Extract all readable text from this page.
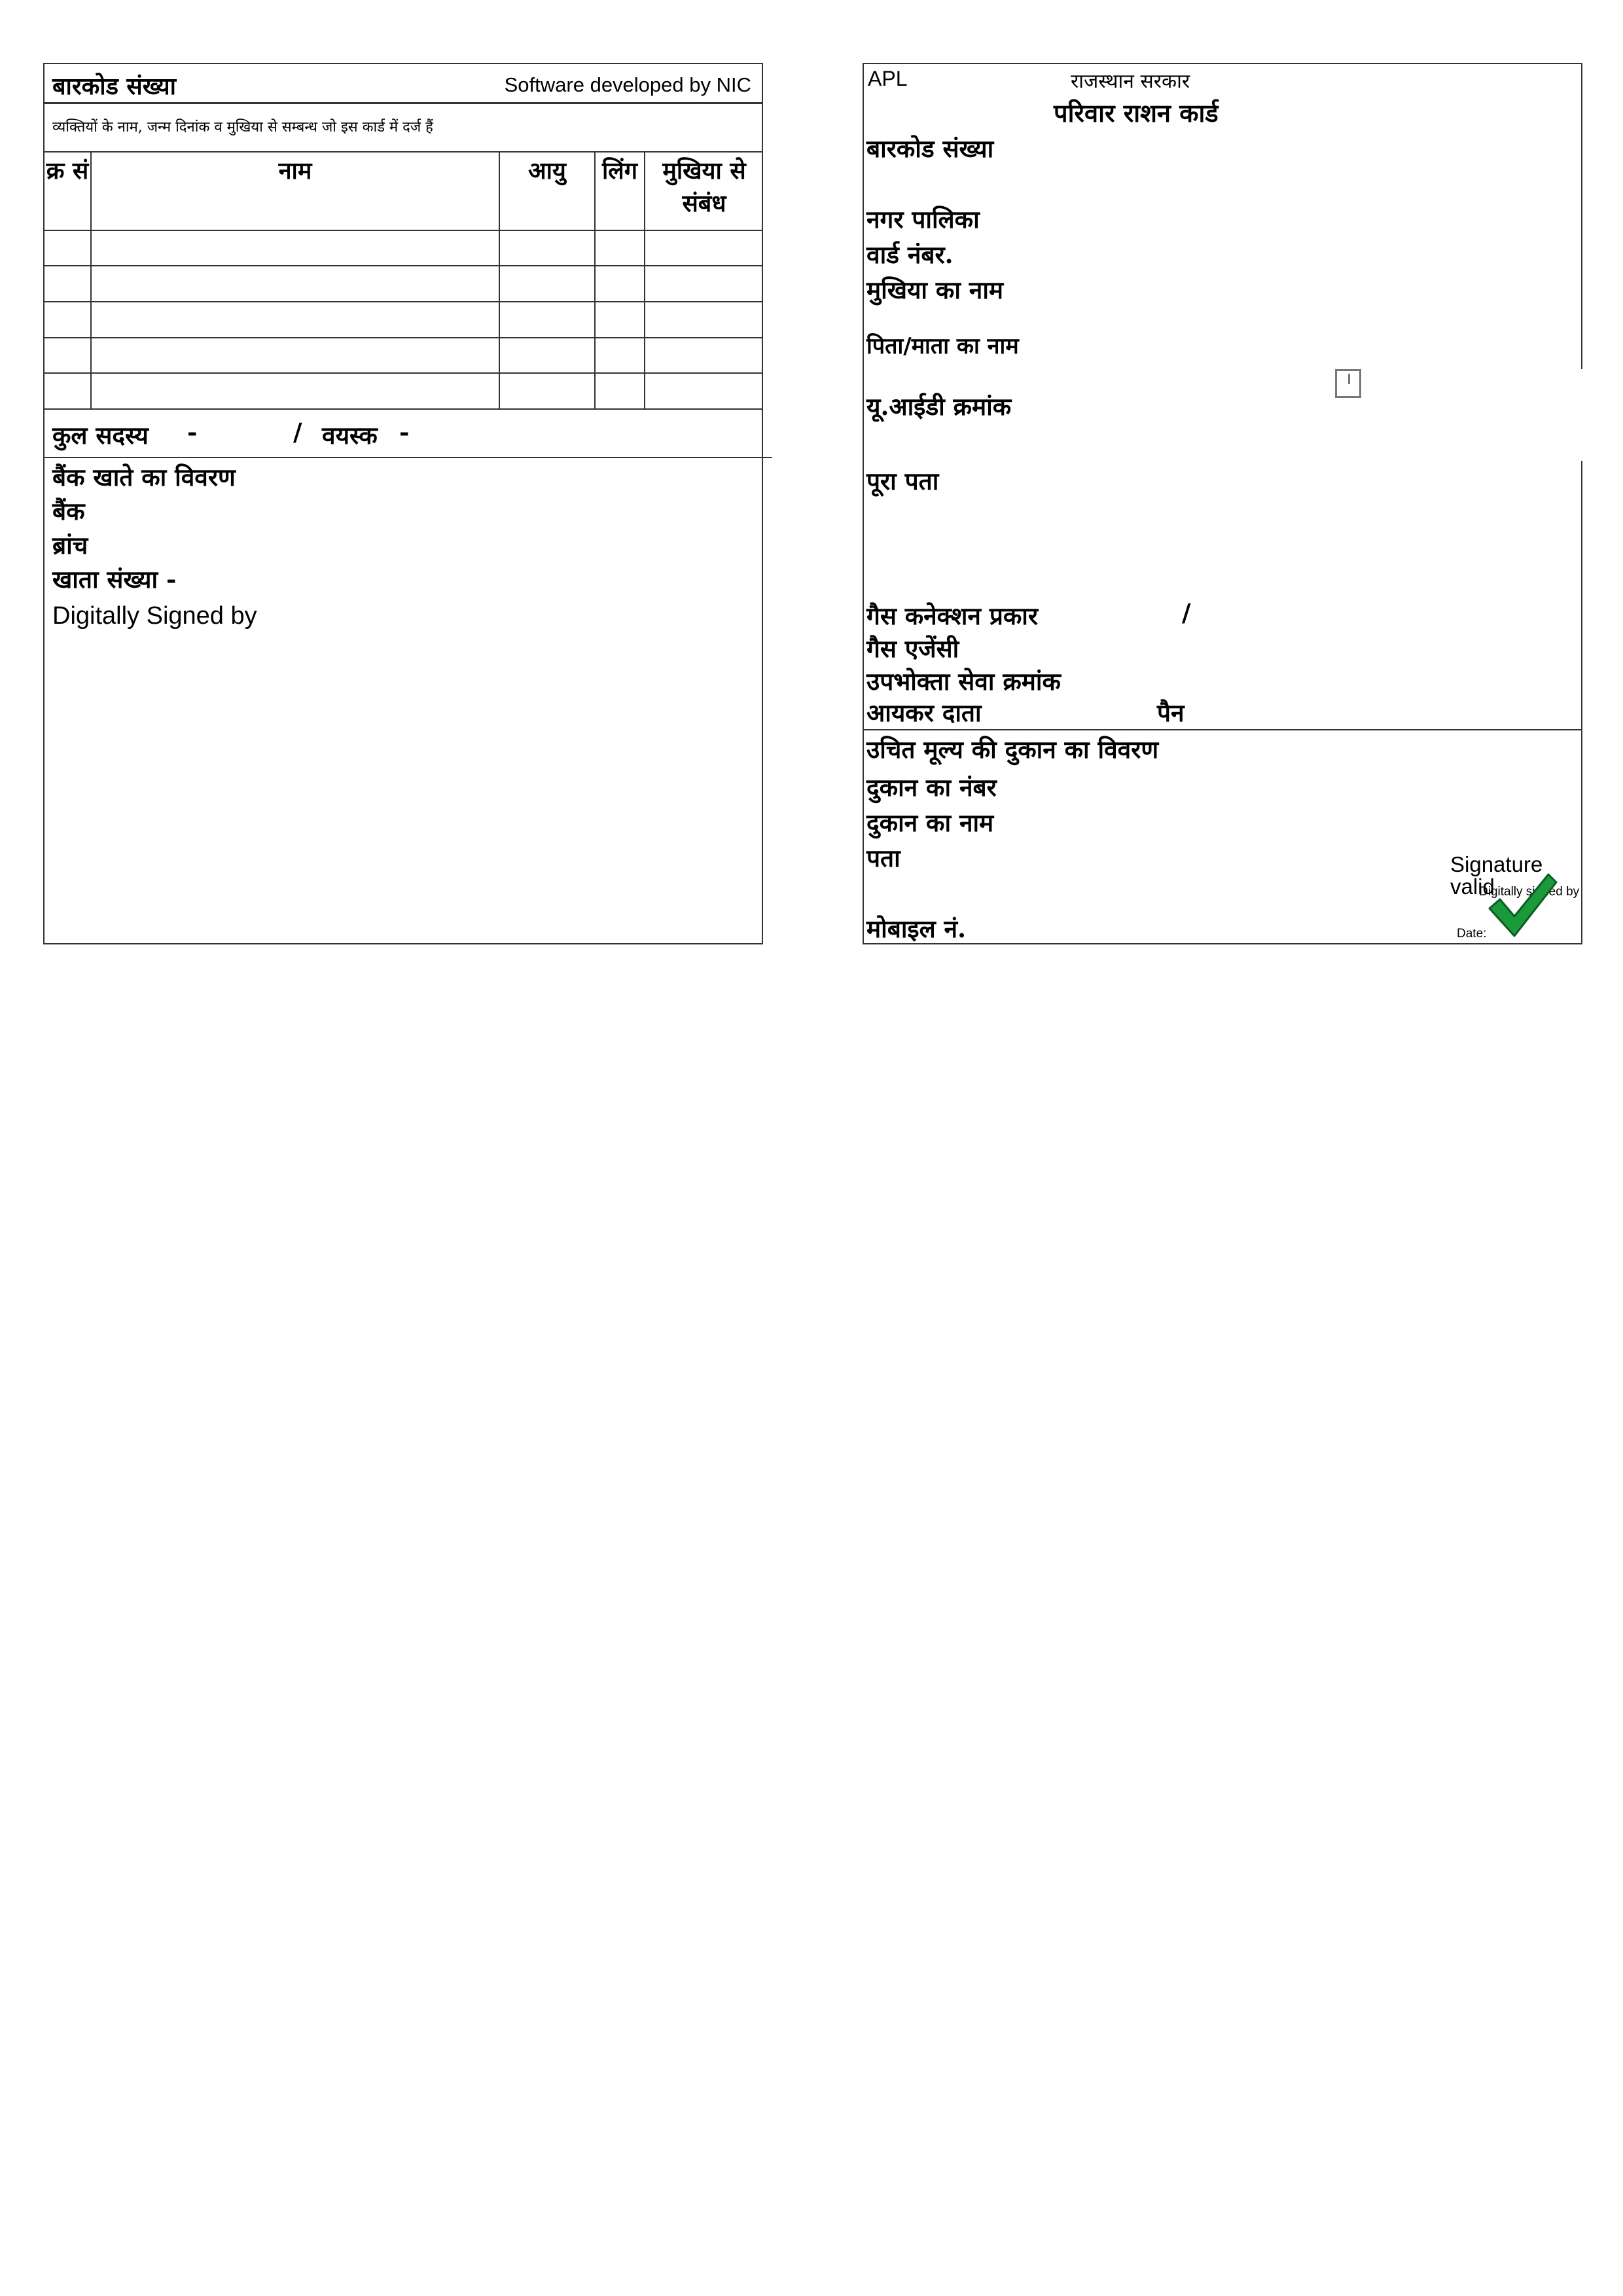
बारकोड संख्या	Software developed by NIC
व्यक्तियों के नाम, जन्म दिनांक व मुखिया से सम्बन्ध जो इस कार्ड में दर्ज हैं
क्र सं	नाम	आयु	लिंग	मुखिया से संबंध
कुल सदस्य -	/ वयस्क -
बैंक खाते का विवरण
बैंक
ब्रांच
खाता संख्या -
Digitally Signed by
APL	राजस्थान सरकार
परिवार राशन कार्ड
बारकोड संख्या
नगर पालिका
वार्ड नंबर.
मुखिया का नाम
पिता/माता का नाम
यू.आईडी क्रमांक
पूरा पता
गैस कनेक्शन प्रकार	/
गैस एजेंसी
उपभोक्ता सेवा क्रमांक
आयकर दाता	पैन
उचित मूल्य की दुकान का विवरण
दुकान का नंबर
दुकान का नाम
पता
मोबाइल नं.
Signature valid
Digitally signed by
Date:
